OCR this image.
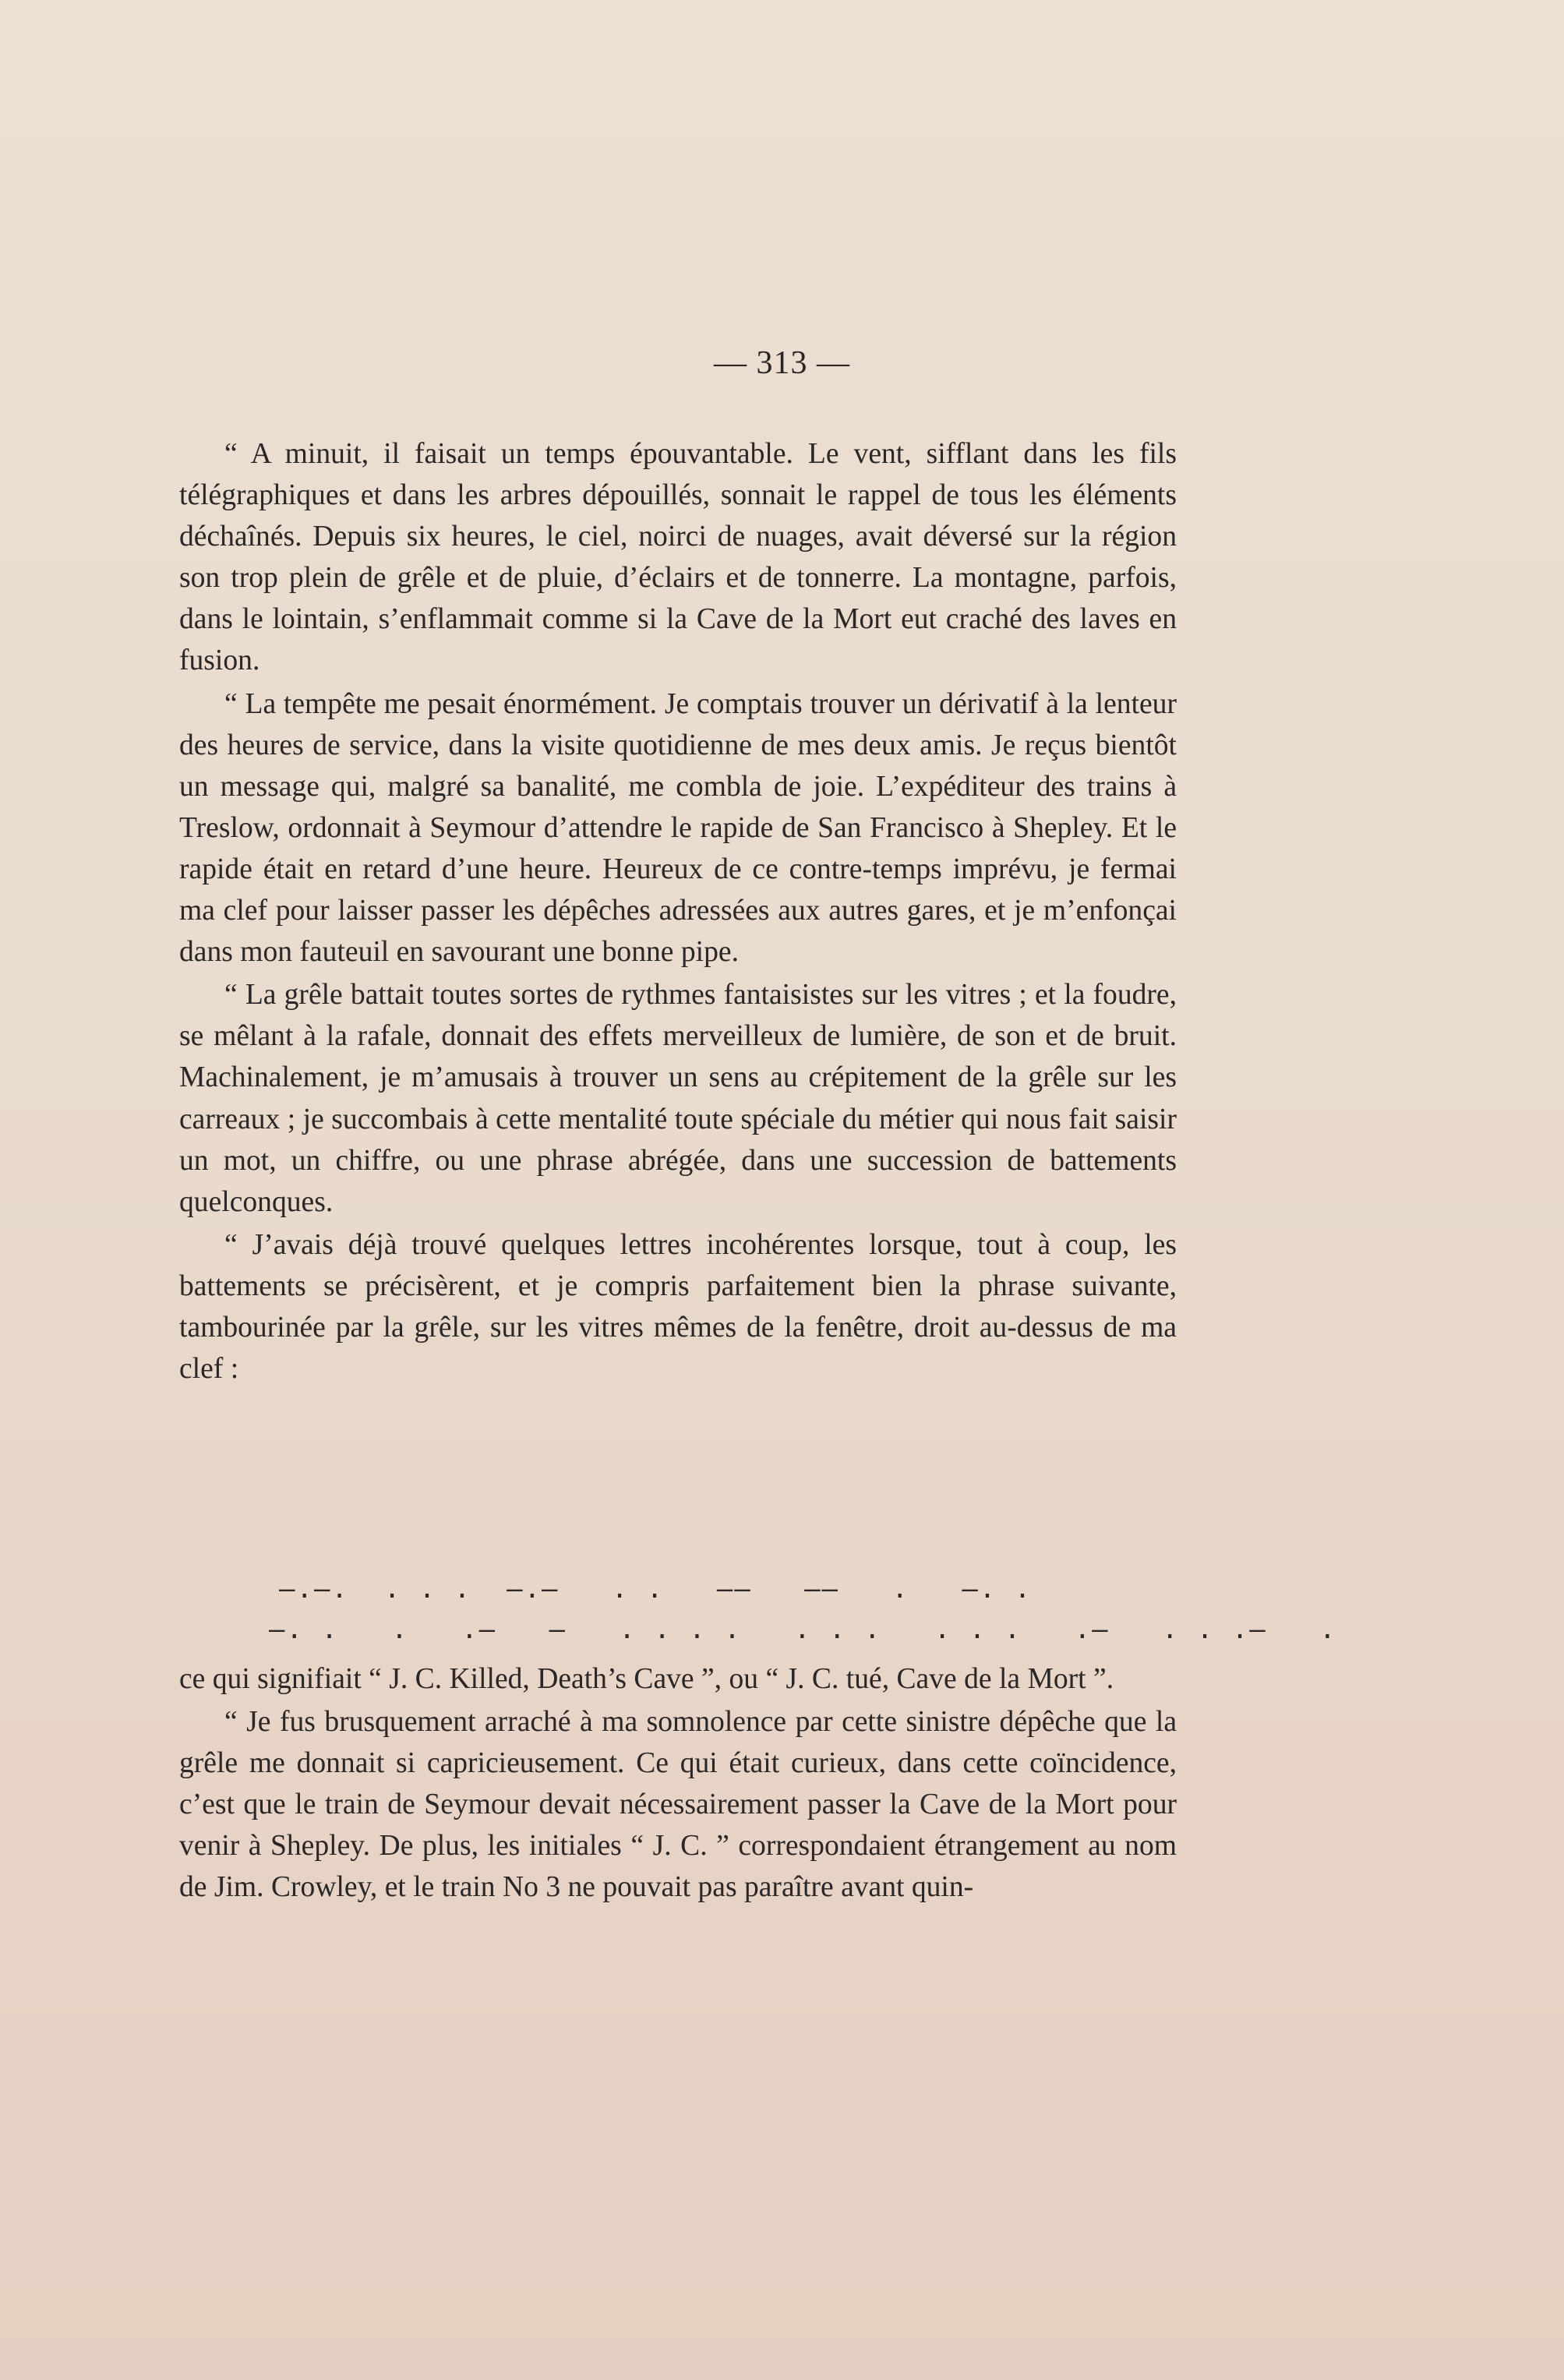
— 313 —

“ A minuit, il faisait un temps épouvantable. Le vent, sifflant dans les fils télégraphiques et dans les arbres dépouillés, sonnait le rappel de tous les éléments déchaînés. Depuis six heures, le ciel, noirci de nuages, avait déversé sur la région son trop plein de grêle et de pluie, d’éclairs et de tonnerre. La montagne, parfois, dans le lointain, s’enflammait comme si la Cave de la Mort eut craché des laves en fusion.

“ La tempête me pesait énormément. Je comptais trouver un dérivatif à la lenteur des heures de service, dans la visite quotidienne de mes deux amis. Je reçus bientôt un message qui, malgré sa banalité, me combla de joie. L’expéditeur des trains à Treslow, ordonnait à Seymour d’attendre le rapide de San Francisco à Shepley. Et le rapide était en retard d’une heure. Heureux de ce contre-temps imprévu, je fermai ma clef pour laisser passer les dépêches adressées aux autres gares, et je m’enfonçai dans mon fauteuil en savourant une bonne pipe.

“ La grêle battait toutes sortes de rythmes fantaisistes sur les vitres ; et la foudre, se mêlant à la rafale, donnait des effets merveilleux de lumière, de son et de bruit. Machinalement, je m’amusais à trouver un sens au crépitement de la grêle sur les carreaux ; je succombais à cette mentalité toute spéciale du métier qui nous fait saisir un mot, un chiffre, ou une phrase abrégée, dans une succession de battements quelconques.

“ J’avais déjà trouvé quelques lettres incohérentes lorsque, tout à coup, les battements se précisèrent, et je compris parfaitement bien la phrase suivante, tambourinée par la grêle, sur les vitres mêmes de la fenêtre, droit au-dessus de ma clef :

—.—.  . . .  —.—   . .   ——   ——   .   —. .
—. .   .   .—   —   . . . .   . . .   . . .   .—   . . .—   .

ce qui signifiait “ J. C. Killed, Death’s Cave ”, ou “ J. C. tué, Cave de la Mort ”.

“ Je fus brusquement arraché à ma somnolence par cette sinistre dépêche que la grêle me donnait si capricieusement. Ce qui était curieux, dans cette coïncidence, c’est que le train de Seymour devait nécessairement passer la Cave de la Mort pour venir à Shepley. De plus, les initiales “ J. C. ” correspondaient étrangement au nom de Jim. Crowley, et le train No 3 ne pouvait pas paraître avant quin-
